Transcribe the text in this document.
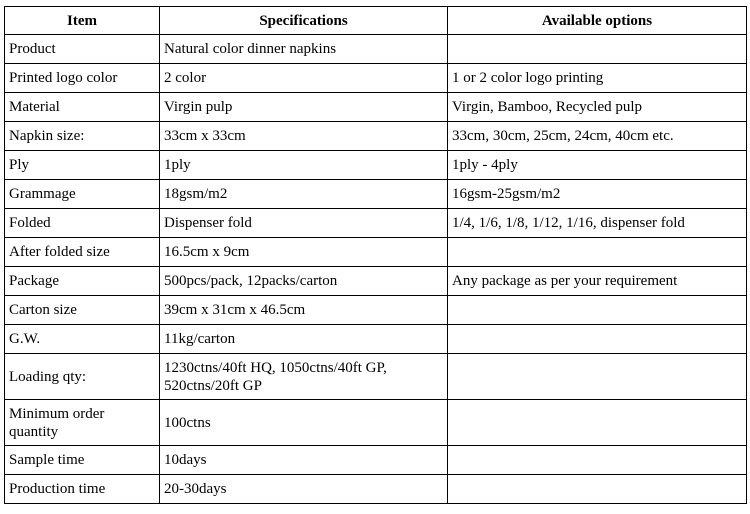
Item	Specifications	Available options
Product	Natural color dinner napkins	
Printed logo color	2 color	1 or 2 color logo printing
Material	Virgin pulp	Virgin, Bamboo, Recycled pulp
Napkin size:	33cm x 33cm	33cm, 30cm, 25cm, 24cm, 40cm etc.
Ply	1ply	1ply - 4ply
Grammage	18gsm/m2	16gsm-25gsm/m2
Folded	Dispenser fold	1/4, 1/6, 1/8, 1/12, 1/16, dispenser fold
After folded size	16.5cm x 9cm	
Package	500pcs/pack, 12packs/carton	Any package as per your requirement
Carton size	39cm x 31cm x 46.5cm	
G.W.	11kg/carton	
Loading qty:	1230ctns/40ft HQ, 1050ctns/40ft GP,
520ctns/20ft GP	
Minimum order
quantity	100ctns	
Sample time	10days	
Production time	20-30days	
